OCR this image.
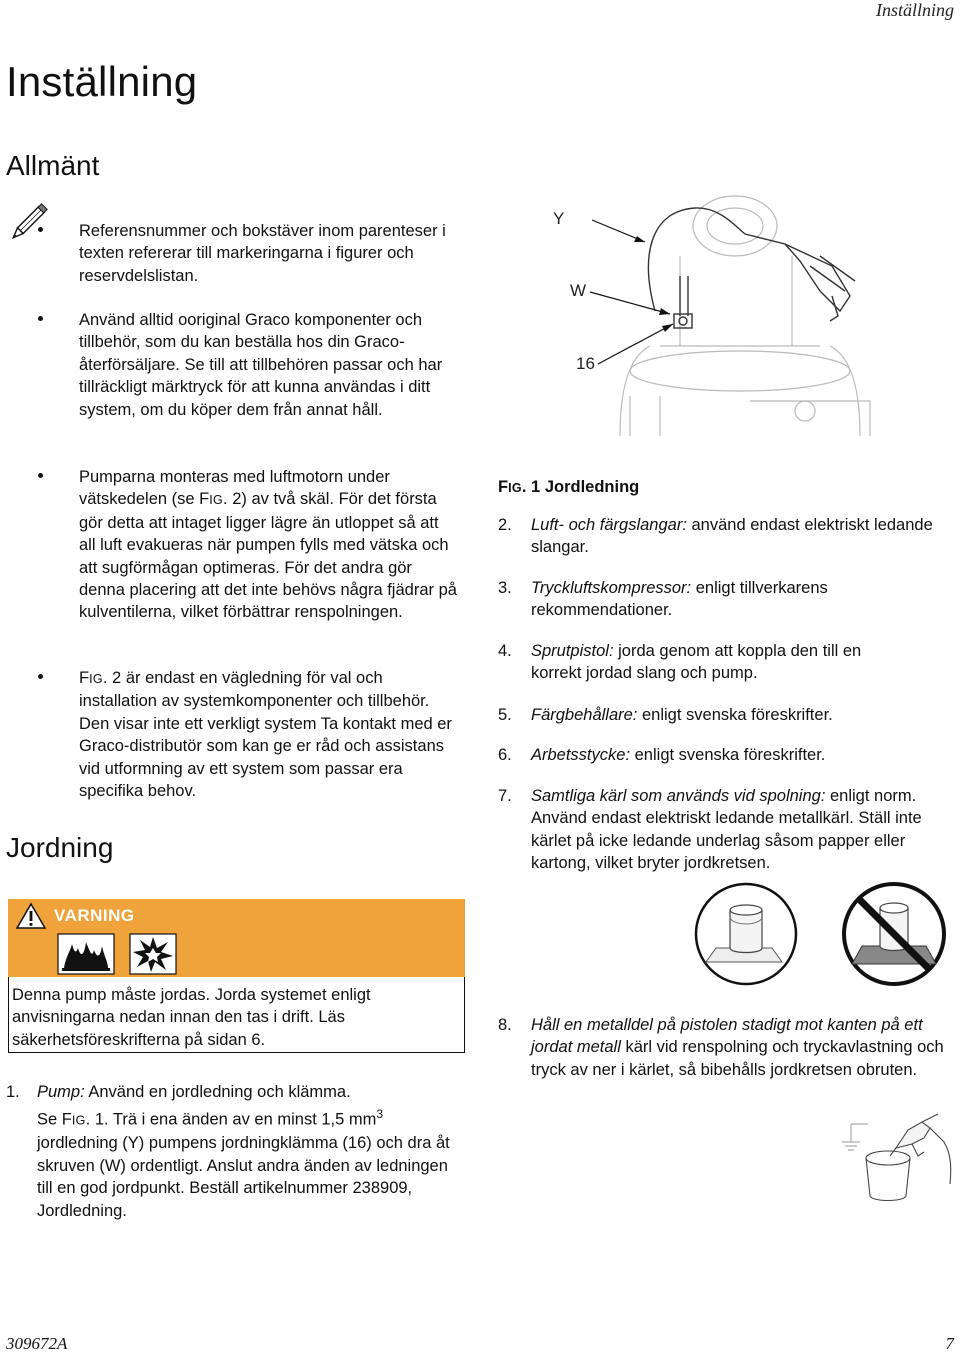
Inställning
Inställning
Allmänt
Referensnummer och bokstäver inom parenteser i texten refererar till markeringarna i figurer och reservdelslistan.
Använd alltid ooriginal Graco komponenter och tillbehör, som du kan beställa hos din Graco-återförsäljare. Se till att tillbehören passar och har tillräckligt märktryck för att kunna användas i ditt system, om du köper dem från annat håll.
Pumparna monteras med luftmotorn under vätskedelen (se FIG. 2) av två skäl. För det första gör detta att intaget ligger lägre än utloppet så att all luft evakueras när pumpen fylls med vätska och att sugförmågan optimeras. För det andra gör denna placering att det inte behövs några fjädrar på kulventilerna, vilket förbättrar renspolningen.
FIG. 2 är endast en vägledning för val och installation av systemkomponenter och tillbehör. Den visar inte ett verkligt system Ta kontakt med er Graco-distributör som kan ge er råd och assistans vid utformning av ett system som passar era specifika behov.
Jordning
VARNING
Denna pump måste jordas. Jorda systemet enligt anvisningarna nedan innan den tas i drift. Läs säkerhetsföreskrifterna på sidan 6.
1. Pump: Använd en jordledning och klämma.
Se FIG. 1. Trä i ena änden av en minst 1,5 $mm^3$
jordledning (Y) pumpens jordningklämma (16) och dra åt skruven (W) ordentligt. Anslut andra änden av ledningen till en god jordpunkt. Beställ artikelnummer 238909, Jordledning.
Y
W
16
FIG. 1 Jordledning
2. Luft- och färgslangar: använd endast elektriskt ledande slangar.
3. Tryckluftskompressor: enligt tillverkarens rekommendationer.
4. Sprutpistol: jorda genom att koppla den till en korrekt jordad slang och pump.
5. Färgbehållare: enligt svenska föreskrifter.
6. Arbetsstycke: enligt svenska föreskrifter.
7. Samtliga kärl som används vid spolning: enligt norm. Använd endast elektriskt ledande metallkärl. Ställ inte kärlet på icke ledande underlag såsom papper eller kartong, vilket bryter jordkretsen.
8. Håll en metalldel på pistolen stadigt mot kanten på ett jordat metall kärl vid renspolning och tryckavlastning och tryck av ner i kärlet, så bibehålls jordkretsen obruten.
309672A	7
